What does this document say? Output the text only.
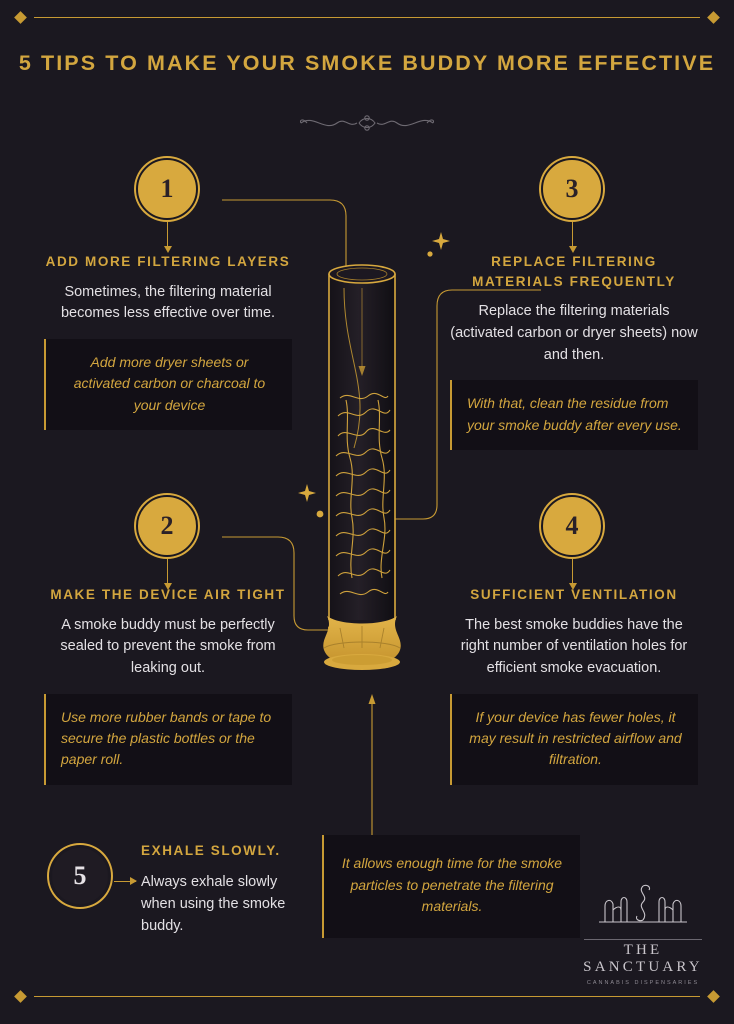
5 TIPS TO MAKE YOUR SMOKE BUDDY MORE EFFECTIVE
1
2
3
4
5
ADD MORE FILTERING LAYERS
Sometimes, the filtering material becomes less effective over time.
Add more dryer sheets or activated carbon or charcoal to your device
MAKE THE DEVICE AIR TIGHT
A smoke buddy must be perfectly sealed to prevent the smoke from leaking out.
Use more rubber bands or tape to secure the plastic bottles or the paper roll.
REPLACE FILTERING MATERIALS FREQUENTLY
Replace the filtering materials (activated carbon or dryer sheets) now and then.
With that, clean the residue from your smoke buddy after every use.
SUFFICIENT VENTILATION
The best smoke buddies have the right number of ventilation holes for efficient smoke evacuation.
If your device has fewer holes, it may result in restricted airflow and filtration.
EXHALE SLOWLY.
Always exhale slowly when using the smoke buddy.
It allows enough time for the smoke particles to penetrate the filtering materials.
THE SANCTUARY
CANNABIS DISPENSARIES
